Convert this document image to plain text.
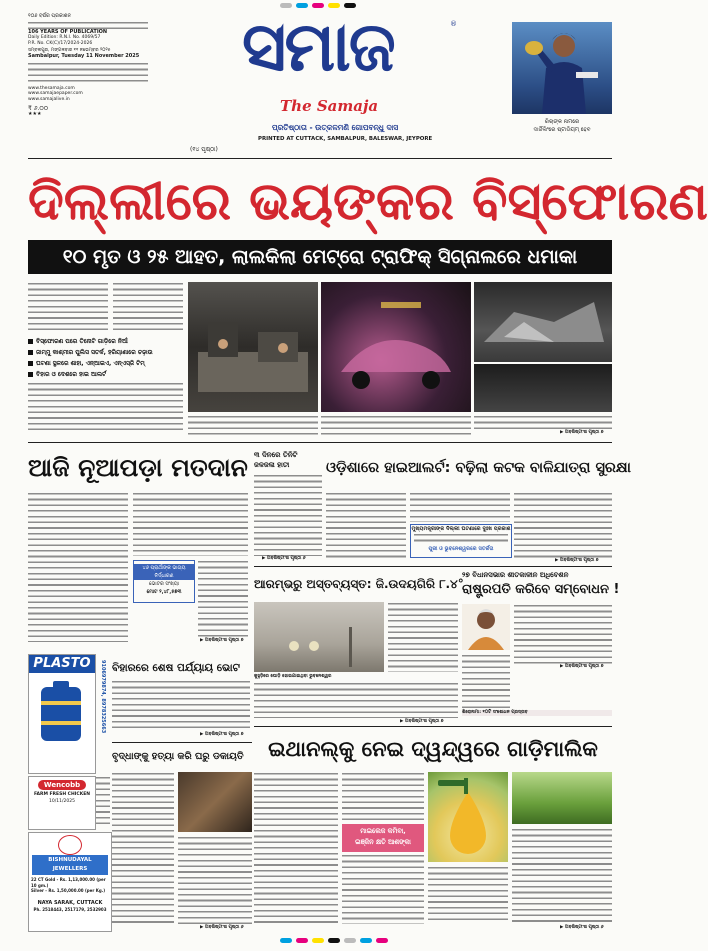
୧୦୬ ବର୍ଷର ପ୍ରକାଶନ
106 YEARS OF PUBLICATION
Daily Edition: R.N.I. No. 4069/57
P.R. No. CK(C)/17/2024-2026
ସମ୍ବଲପୁର, ମଙ୍ଗଳବାର ୧୧ ନଭେମ୍ବର ୨୦୨୫
Sambalpur, Tuesday 11 November 2025
www.thesamaja.com
www.samajaepaper.com
www.samajalive.in
₹ ୬.୦୦
★★★
(୧୪ ପୃଷ୍ଠା)
ସମାଜ	®
The Samaja
ପ୍ରତିଷ୍ଠାତା - ଉତ୍କଳମଣି ଗୋପବନ୍ଧୁ ଦାସ
PRINTED AT CUTTACK, SAMBALPUR, BALESWAR, JEYPORE
ରିଚାଙ୍କ ନାମରେ
ଦାର୍ଜିଲିଂରେ ଷ୍ଟାଡିୟମ୍ ହେବ
ଦିଲ୍ଲୀରେ ଭୟଙ୍କର ବିସ୍ଫୋରଣ
୧୦ ମୃତ ଓ ୨୫ ଆହତ, ଲାଲକିଲା ମେଟ୍ରୋ ଟ୍ରାଫିକ୍ ସିଗ୍ନାଲରେ ଧମାକା
ବିସ୍ଫୋରଣ ପରେ ତିନୋଟି ଗାଡ଼ିରେ ନିଆଁ
ଜାମ୍ମୁ କାଶ୍ମୀର ପୁଲିସ ସତର୍କ, ହରିୟାଣାରେ ଚଢ଼ାଉ
ଘଟଣା ସ୍ଥଳରେ ଶାହା, ଏନ୍ଆଇଏ, ଏନ୍ଏସ୍ଜି ଟିମ୍
ବିହାର ଓ ଦେଶରେ ହାଇ ଆଲର୍ଟ
▶ ଅବଶିଷ୍ଟାଂଶ ପୃଷ୍ଠା ୭
ଆଜି ନୂଆପଡ଼ା ମତଦାନ
୪୬ ପ୍ରାର୍ଥୀଙ୍କ ଭାଗ୍ୟ ନିର୍ଦ୍ଧାରଣ
ଭୋଟର ସଂଖ୍ୟା
ମୋଟ ୨,୪୮,୫୭୩
▶ ଅବଶିଷ୍ଟାଂଶ ପୃଷ୍ଠା ୭
୩ ଦିନରେ ତିନିଟି
ଜଳଜଳା ହାତୀ
▶ ଅବଶିଷ୍ଟାଂଶ ପୃଷ୍ଠା ୬
ଓଡ଼ିଶାରେ ହାଇଆଲର୍ଟ: ବଢ଼ିଲା କଟକ ବାଳିଯାତ୍ରା ସୁରକ୍ଷା
ମୁଖ୍ୟମନ୍ତ୍ରୀଙ୍କ ଦିଲ୍ଲୀ ଘଟଣାରେ ଦୁଃଖ ପ୍ରକାଶ
ପୁରୀ ଓ ଭୁବନେଶ୍ୱରରେ ସତର୍କତା
▶ ଅବଶିଷ୍ଟାଂଶ ପୃଷ୍ଠା ୭
ଆରମ୍ଭରୁ ଅସ୍ତବ୍ୟସ୍ତ: ଜି.ଉଦୟଗିରି ୮.୪°
କୁହୁଡ଼ିରେ ଘୋଡ଼ି ହୋଇଯାଇଥିବା ଭୁବନେଶ୍ୱର
▶ ଅବଶିଷ୍ଟାଂଶ ପୃଷ୍ଠା ୭
୨୭ ବିଧାନସଭାର ଶୀତକାଳୀନ ଅଧିବେଶନ
ରାଷ୍ଟ୍ରପତି କରିବେ ସମ୍ବୋଧନ !
▶ ଅବଶିଷ୍ଟାଂଶ ପୃଷ୍ଠା ୭
ଶିରୋନାମା: ୧୦ଟି ସଂଶୋଧନ ପ୍ରସ୍ତାବ
PLASTO	9106979874, 8978325663
Wencobb
FARM FRESH CHICKEN
10/11/2025
BISHNUDAYAL JEWELLERS
22 CT Gold - Rs. 1,13,000.00 (per 10 gm.)
Silver - Rs. 1,50,000.00 (per Kg.)
NAYA SARAK, CUTTACK
Ph. 2518443, 2517179, 2532903
ବିହାରରେ ଶେଷ ପର୍ଯ୍ୟାୟ ଭୋଟ
▶ ଅବଶିଷ୍ଟାଂଶ ପୃଷ୍ଠା ୭
ବୃଦ୍ଧାଙ୍କୁ ହତ୍ୟା କରି ଘରୁ ଡକାୟତି
▶ ଅବଶିଷ୍ଟାଂଶ ପୃଷ୍ଠା ୬
ଇଥାନଲ୍‌କୁ ନେଇ ଦ୍ୱନ୍ଦ୍ୱରେ ଗାଡ଼ିମାଲିକ
ମାଇଲେଜ କମିବା,
ଇଞ୍ଜିନ କ୍ଷତି ଆଶଙ୍କା
▶ ଅବଶିଷ୍ଟାଂଶ ପୃଷ୍ଠା ୬
